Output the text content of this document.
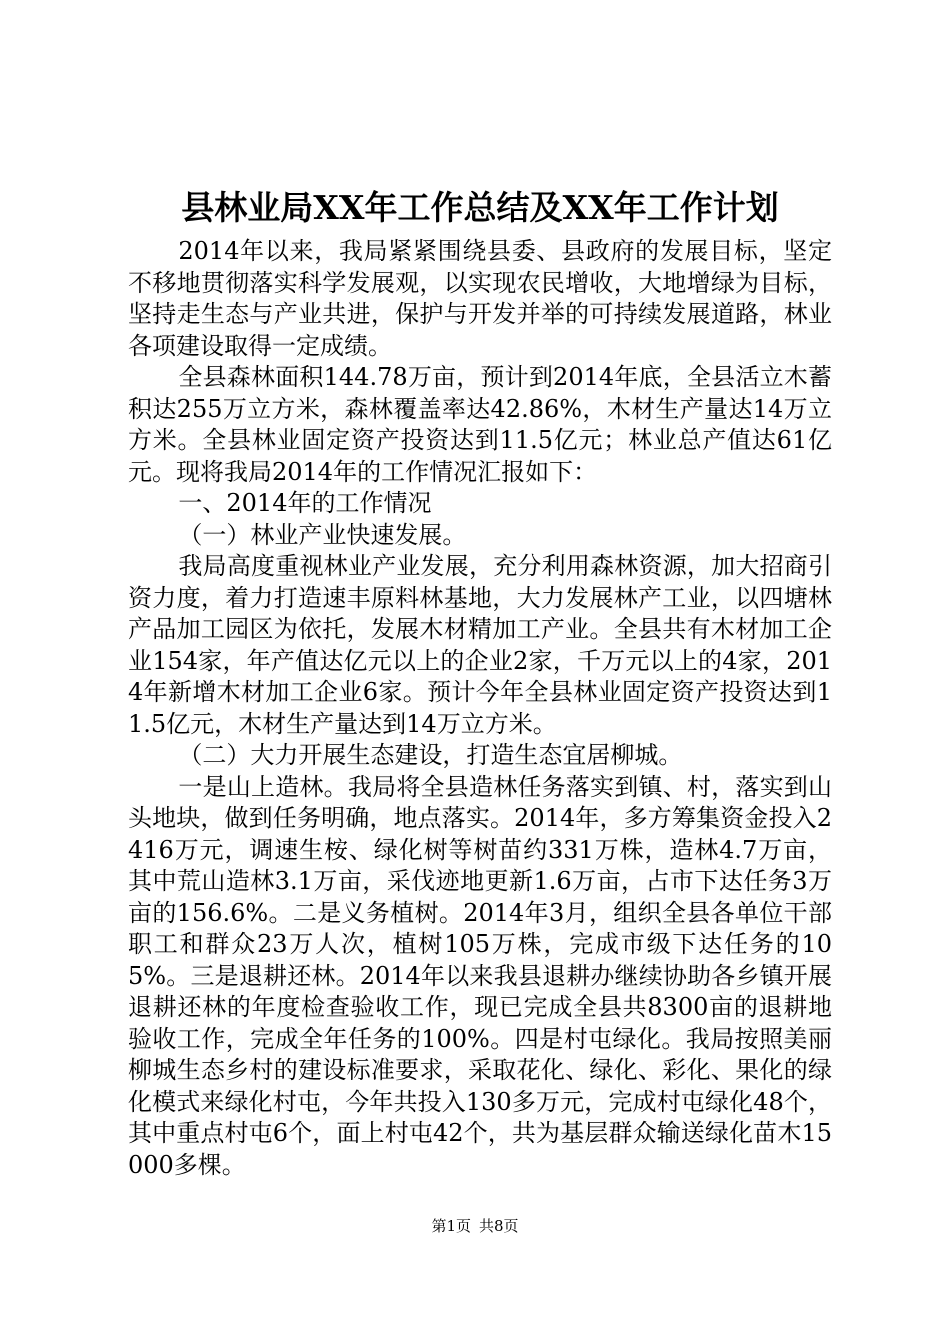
县林业局XX年工作总结及XX年工作计划

2014年以来，我局紧紧围绕县委、县政府的发展目标，坚定不移地贯彻落实科学发展观，以实现农民增收，大地增绿为目标，坚持走生态与产业共进，保护与开发并举的可持续发展道路，林业各项建设取得一定成绩。

全县森林面积144.78万亩，预计到2014年底，全县活立木蓄积达255万立方米，森林覆盖率达42.86%，木材生产量达14万立方米。全县林业固定资产投资达到11.5亿元；林业总产值达61亿元。现将我局2014年的工作情况汇报如下：

一、2014年的工作情况

（一）林业产业快速发展。

我局高度重视林业产业发展，充分利用森林资源，加大招商引资力度，着力打造速丰原料林基地，大力发展林产工业，以四塘林产品加工园区为依托，发展木材精加工产业。全县共有木材加工企业154家，年产值达亿元以上的企业2家，千万元以上的4家，2014年新增木材加工企业6家。预计今年全县林业固定资产投资达到11.5亿元，木材生产量达到14万立方米。

（二）大力开展生态建设，打造生态宜居柳城。

一是山上造林。我局将全县造林任务落实到镇、村，落实到山头地块，做到任务明确，地点落实。2014年，多方筹集资金投入2416万元，调速生桉、绿化树等树苗约331万株，造林4.7万亩，其中荒山造林3.1万亩，采伐迹地更新1.6万亩，占市下达任务3万亩的156.6%。二是义务植树。2014年3月，组织全县各单位干部职工和群众23万人次，植树105万株，完成市级下达任务的105%。三是退耕还林。2014年以来我县退耕办继续协助各乡镇开展退耕还林的年度检查验收工作，现已完成全县共8300亩的退耕地验收工作，完成全年任务的100%。四是村屯绿化。我局按照美丽柳城生态乡村的建设标准要求，采取花化、绿化、彩化、果化的绿化模式来绿化村屯，今年共投入130多万元，完成村屯绿化48个，其中重点村屯6个，面上村屯42个，共为基层群众输送绿化苗木15000多棵。

第1页 共8页
